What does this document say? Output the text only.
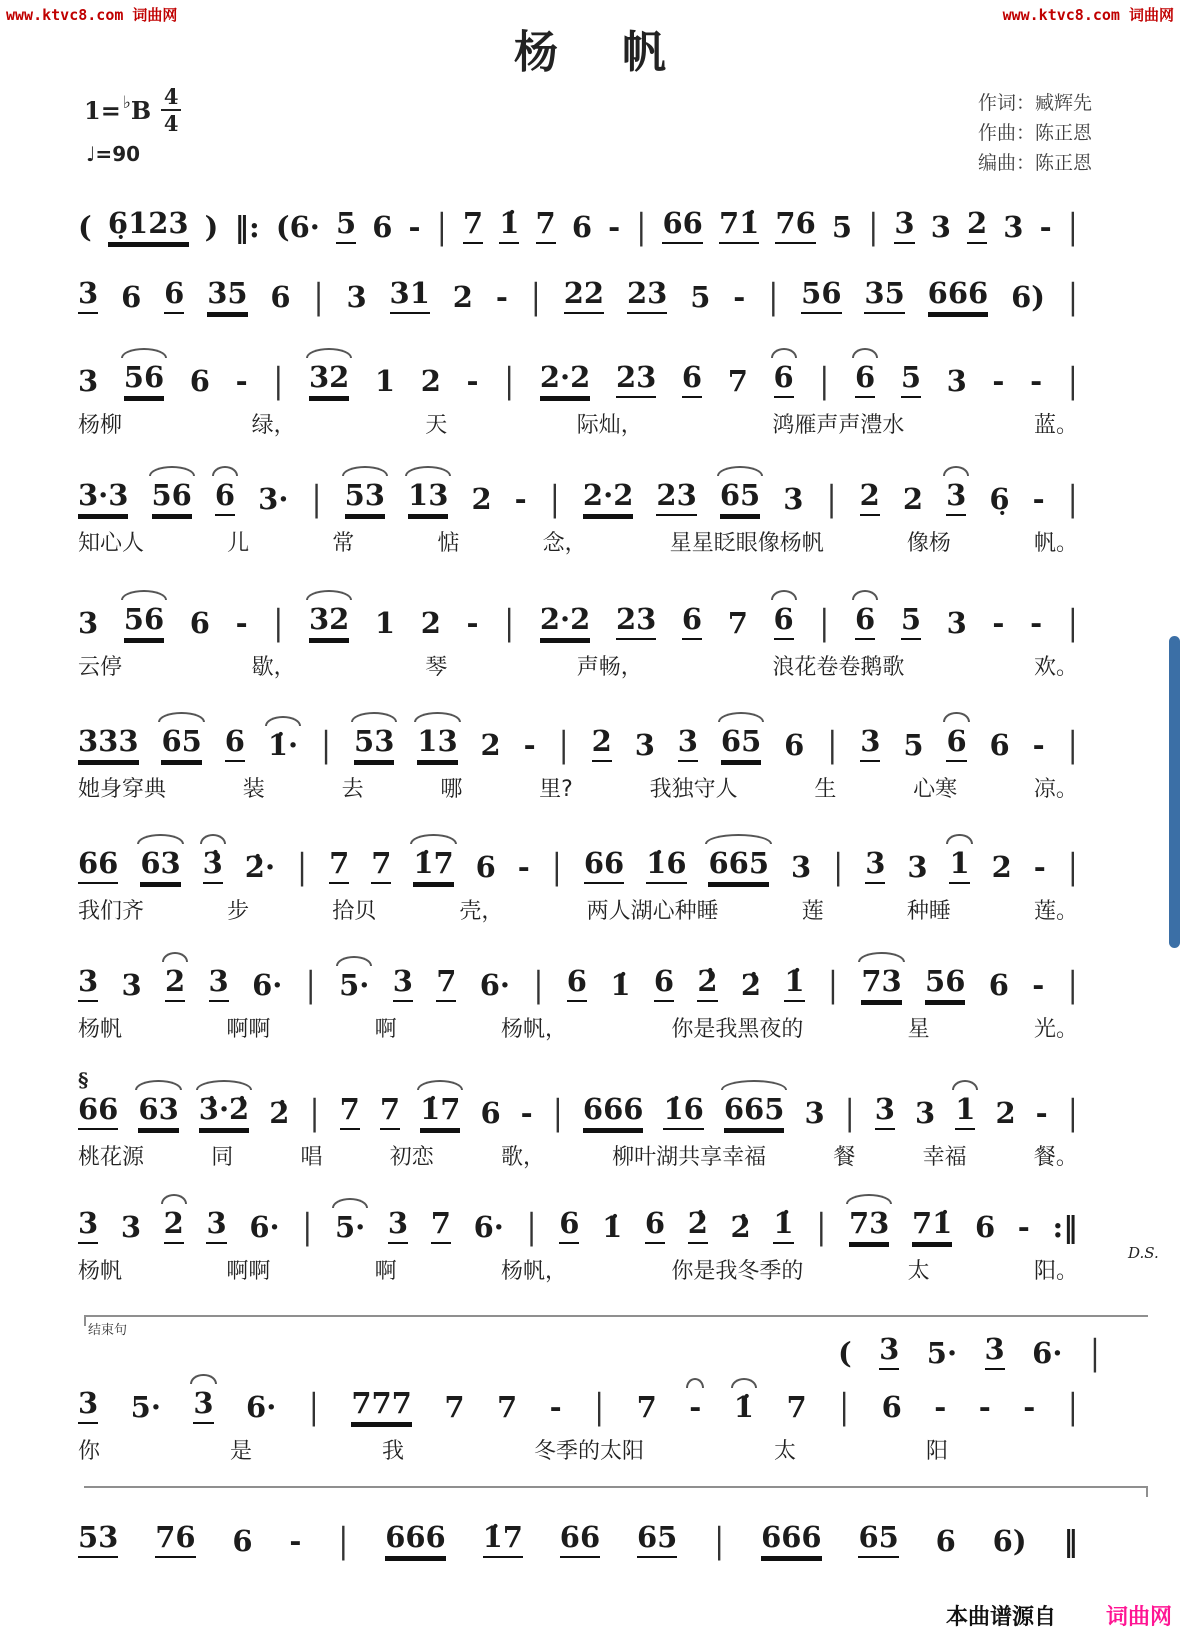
www.ktvc8.com 词曲网	www.ktvc8.com 词曲网
杨帆
1= ♭ B $\frac{4}{4}$
♩=90
作词：臧辉先
作曲：陈正恩
编曲：陈正恩
( 6̣123 ) ‖: (6· 5 6 - | 7 1̇ 7 6 - | 66 71̇ 76 5 | 3 3 2 3 - |
3 6 6 35 6 | 3 31 2 - | 22 23 5 - | 56 35 666 6) |
3 56 6 - | 32 1 2 - | 2·2 23 6 7 6 | 6 5 3 - - |
杨柳	绿，	天	际灿，	鸿雁声声澧水	蓝。
3·3 56 6 3· | 53 13 2 - | 2·2 23 65 3 | 2 2 3 6̣ - |
知心人	儿	常	惦	念，	星星眨眼像杨帆	像杨	帆。
3 56 6 - | 32 1 2 - | 2·2 23 6 7 6 | 6 5 3 - - |
云停	歇，	琴	声畅，	浪花卷卷鹅歌	欢。
333 65 6 1̇· | 53 13 2 - | 2 3 3 65 6 | 3 5 6 6 - |
她身穿典	装	去	哪	里?	我独守人	生	心寒	凉。
66 63 3̇ 2̇· | 7 7 1̇7 6 - | 66 1̇6 665 3 | 3 3 1 2 - |
我们齐	步	拾贝	壳，	两人湖心种睡	莲	种睡	莲。
3 3 2 3 6· | 5· 3 7 6· | 6 1̇ 6 2̇ 2̇ 1̇ | 73 56 6 - |
杨帆	啊啊	啊	杨帆，	你是我黑夜的	星	光。
§
66 63 3̇·2̇ 2̇ | 7 7 1̇7 6 - | 666 1̇6 665 3 | 3 3 1 2 - |
桃花源	同	唱	初恋	歌，	柳叶湖共享幸福	餐	幸福	餐。
3 3 2 3 6· | 5· 3 7 6· | 6 1̇ 6 2̇ 2̇ 1̇ | 73 71̇ 6 - :‖
杨帆	啊啊	啊	杨帆，	你是我冬季的	太	阳。
3 5· 3 6· | 777 7 7 - | 7 - 1̇ 7 | 6 - - - |
你	是	我	冬季的太阳	太	阳
53 76 6 - | 666 1̇7 66 65 | 666 65 6 6) ‖
结束句
( 3 5· 3 6· |
D.S.
本曲谱源自 词曲网
